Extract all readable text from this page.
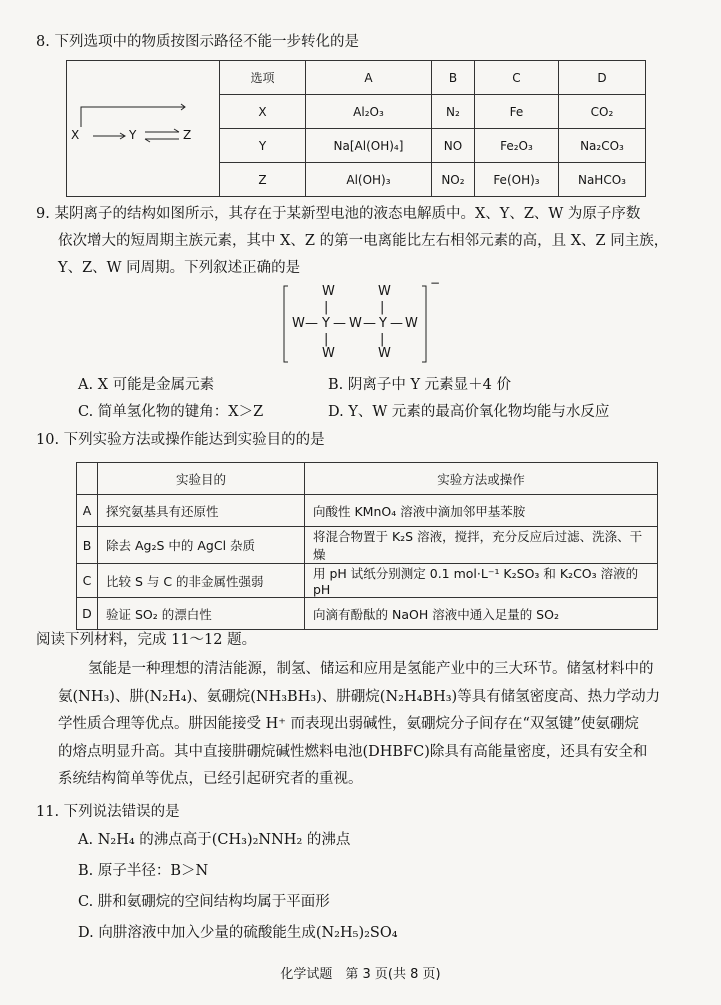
8. 下列选项中的物质按图示路径不能一步转化的是
X Y Z	选项	A	B	C	D
	X	Al₂O₃	N₂	Fe	CO₂
	Y	Na[Al(OH)₄]	NO	Fe₂O₃	Na₂CO₃
	Z	Al(OH)₃	NO₂	Fe(OH)₃	NaHCO₃
9. 某阴离子的结构如图所示，其存在于某新型电池的液态电解质中。X、Y、Z、W 为原子序数
依次增大的短周期主族元素，其中 X、Z 的第一电离能比左右相邻元素的高，且 X、Z 同主族，
Y、Z、W 同周期。下列叙述正确的是
−
W	W
|	|
W — Y — W — Y — W
|	|
W	W
A. X 可能是金属元素	B. 阴离子中 Y 元素显＋4 价
C. 简单氢化物的键角：X＞Z	D. Y、W 元素的最高价氧化物均能与水反应
10. 下列实验方法或操作能达到实验目的的是
	实验目的	实验方法或操作
A	探究氨基具有还原性	向酸性 KMnO₄ 溶液中滴加邻甲基苯胺
B	除去 Ag₂S 中的 AgCl 杂质	将混合物置于 K₂S 溶液，搅拌，充分反应后过滤、洗涤、干燥
C	比较 S 与 C 的非金属性强弱	用 pH 试纸分别测定 0.1 mol·L⁻¹ K₂SO₃ 和 K₂CO₃ 溶液的 pH
D	验证 SO₂ 的漂白性	向滴有酚酞的 NaOH 溶液中通入足量的 SO₂
阅读下列材料，完成 11～12 题。
氢能是一种理想的清洁能源，制氢、储运和应用是氢能产业中的三大环节。储氢材料中的
氨(NH₃)、肼(N₂H₄)、氨硼烷(NH₃BH₃)、肼硼烷(N₂H₄BH₃)等具有储氢密度高、热力学动力
学性质合理等优点。肼因能接受 H⁺ 而表现出弱碱性，氨硼烷分子间存在“双氢键”使氨硼烷
的熔点明显升高。其中直接肼硼烷碱性燃料电池(DHBFC)除具有高能量密度，还具有安全和
系统结构简单等优点，已经引起研究者的重视。
11. 下列说法错误的是
A. N₂H₄ 的沸点高于(CH₃)₂NNH₂ 的沸点
B. 原子半径：B＞N
C. 肼和氨硼烷的空间结构均属于平面形
D. 向肼溶液中加入少量的硫酸能生成(N₂H₅)₂SO₄
化学试题　第 3 页(共 8 页)
